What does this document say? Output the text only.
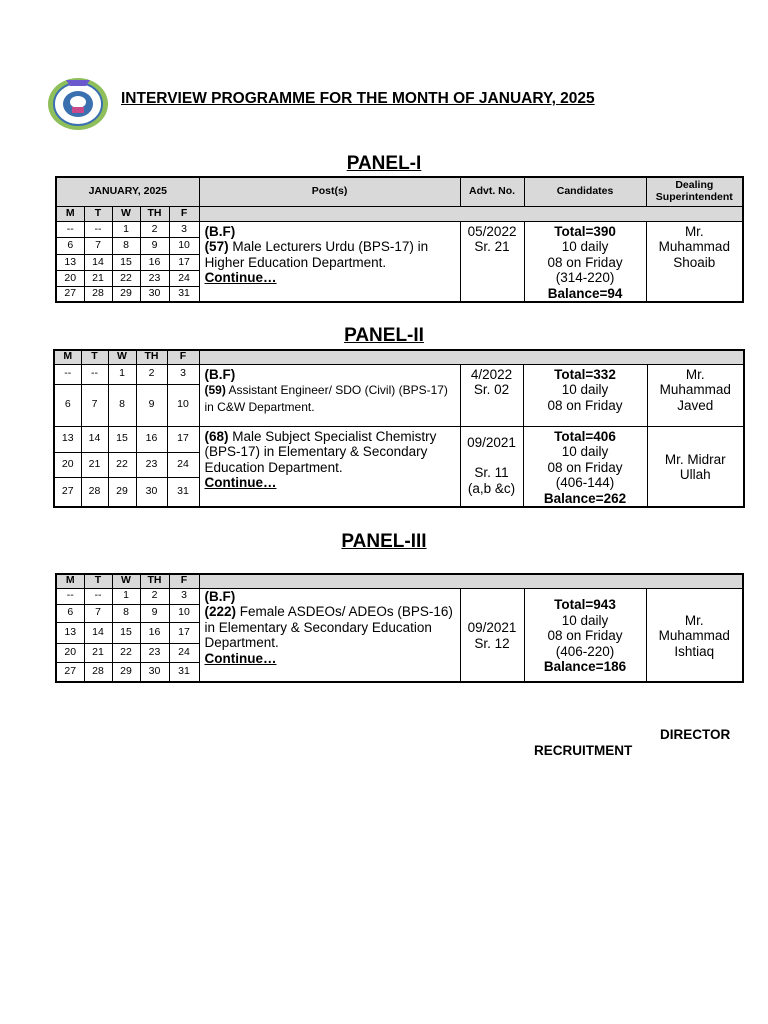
INTERVIEW PROGRAMME FOR THE MONTH OF JANUARY, 2025
PANEL-I
JANUARY, 2025					Post(s)	Advt. No.	Candidates	Dealing
Superintendent

M	T	W	TH	F				
--	--	1	2	3	(B.F)
(57) Male Lecturers Urdu (BPS-17) in Higher Education Department.
Continue…	05/2022
Sr. 21	Total=390
10 daily
08 on Friday
(314-220)
Balance=94	Mr.
Muhammad
Shoaib

6	7	8	9	10				
13	14	15	16	17				
20	21	22	23	24				
27	28	29	30	31				
PANEL-II
M	T	W	TH	F				
--	--	1	2	3	(B.F)
(59) Assistant Engineer/ SDO (Civil) (BPS-17) in C&W Department.	4/2022
Sr. 02	Total=332
10 daily
08 on Friday	Mr.
Muhammad
Javed

6	7	8	9	10				
13	14	15	16	17	(68) Male Subject Specialist Chemistry (BPS-17) in Elementary & Secondary Education Department.
Continue…	09/2021
Sr. 11
(a,b &c)	Total=406
10 daily
08 on Friday
(406-144)
Balance=262	Mr. Midrar
Ullah

20	21	22	23	24				
27	28	29	30	31				
PANEL-III
M	T	W	TH	F				
--	--	1	2	3	(B.F)
(222) Female ASDEOs/ ADEOs (BPS-16) in Elementary & Secondary Education Department.
Continue…	09/2021
Sr. 12	Total=943
10 daily
08 on Friday
(406-220)
Balance=186	Mr.
Muhammad
Ishtiaq

6	7	8	9	10				
13	14	15	16	17				
20	21	22	23	24				
27	28	29	30	31				
DIRECTOR
RECRUITMENT
